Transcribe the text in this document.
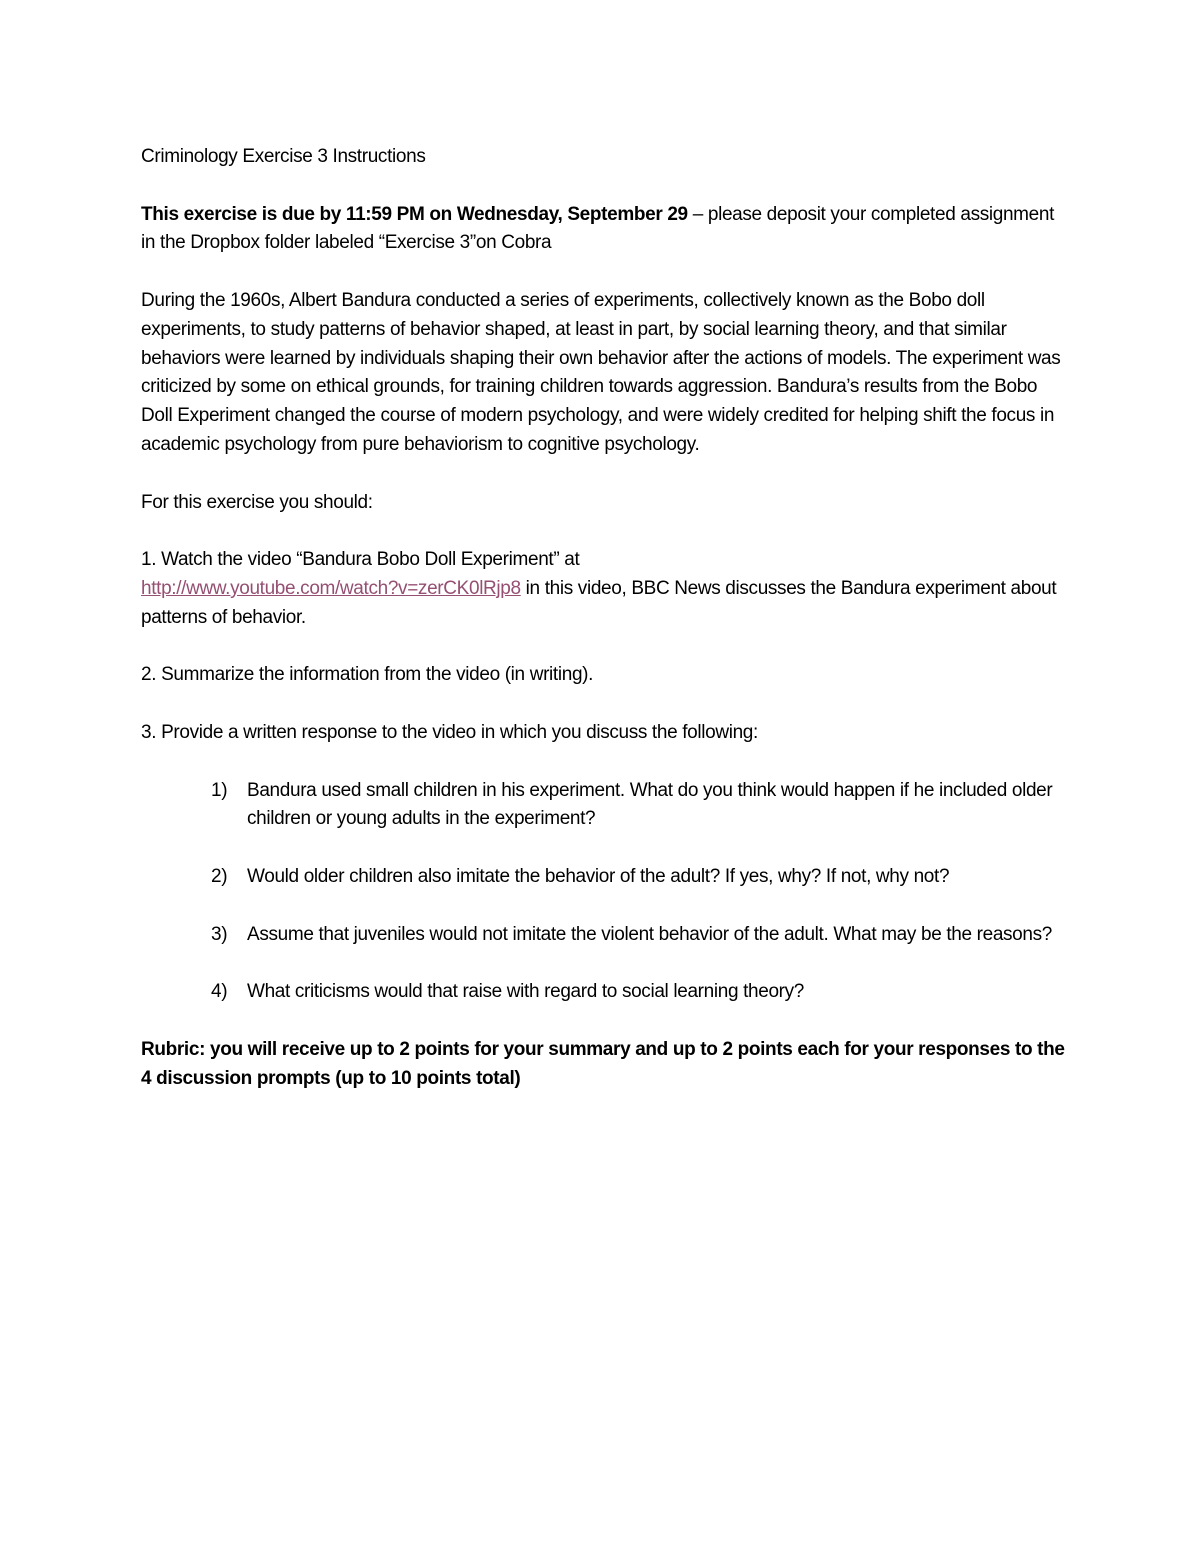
Criminology Exercise 3 Instructions

This exercise is due by 11:59 PM on Wednesday, September 29 – please deposit your completed assignment in the Dropbox folder labeled “Exercise 3”on Cobra

During the 1960s, Albert Bandura conducted a series of experiments, collectively known as the Bobo doll experiments, to study patterns of behavior shaped, at least in part, by social learning theory, and that similar behaviors were learned by individuals shaping their own behavior after the actions of models. The experiment was criticized by some on ethical grounds, for training children towards aggression. Bandura’s results from the Bobo Doll Experiment changed the course of modern psychology, and were widely credited for helping shift the focus in academic psychology from pure behaviorism to cognitive psychology.

For this exercise you should:

1. Watch the video “Bandura Bobo Doll Experiment” at
http://www.youtube.com/watch?v=zerCK0lRjp8 in this video, BBC News discusses the Bandura experiment about patterns of behavior.

2. Summarize the information from the video (in writing).

3. Provide a written response to the video in which you discuss the following:

1) Bandura used small children in his experiment. What do you think would happen if he included older children or young adults in the experiment?
2) Would older children also imitate the behavior of the adult? If yes, why? If not, why not?
3) Assume that juveniles would not imitate the violent behavior of the adult. What may be the reasons?
4) What criticisms would that raise with regard to social learning theory?

Rubric: you will receive up to 2 points for your summary and up to 2 points each for your responses to the 4 discussion prompts (up to 10 points total)
